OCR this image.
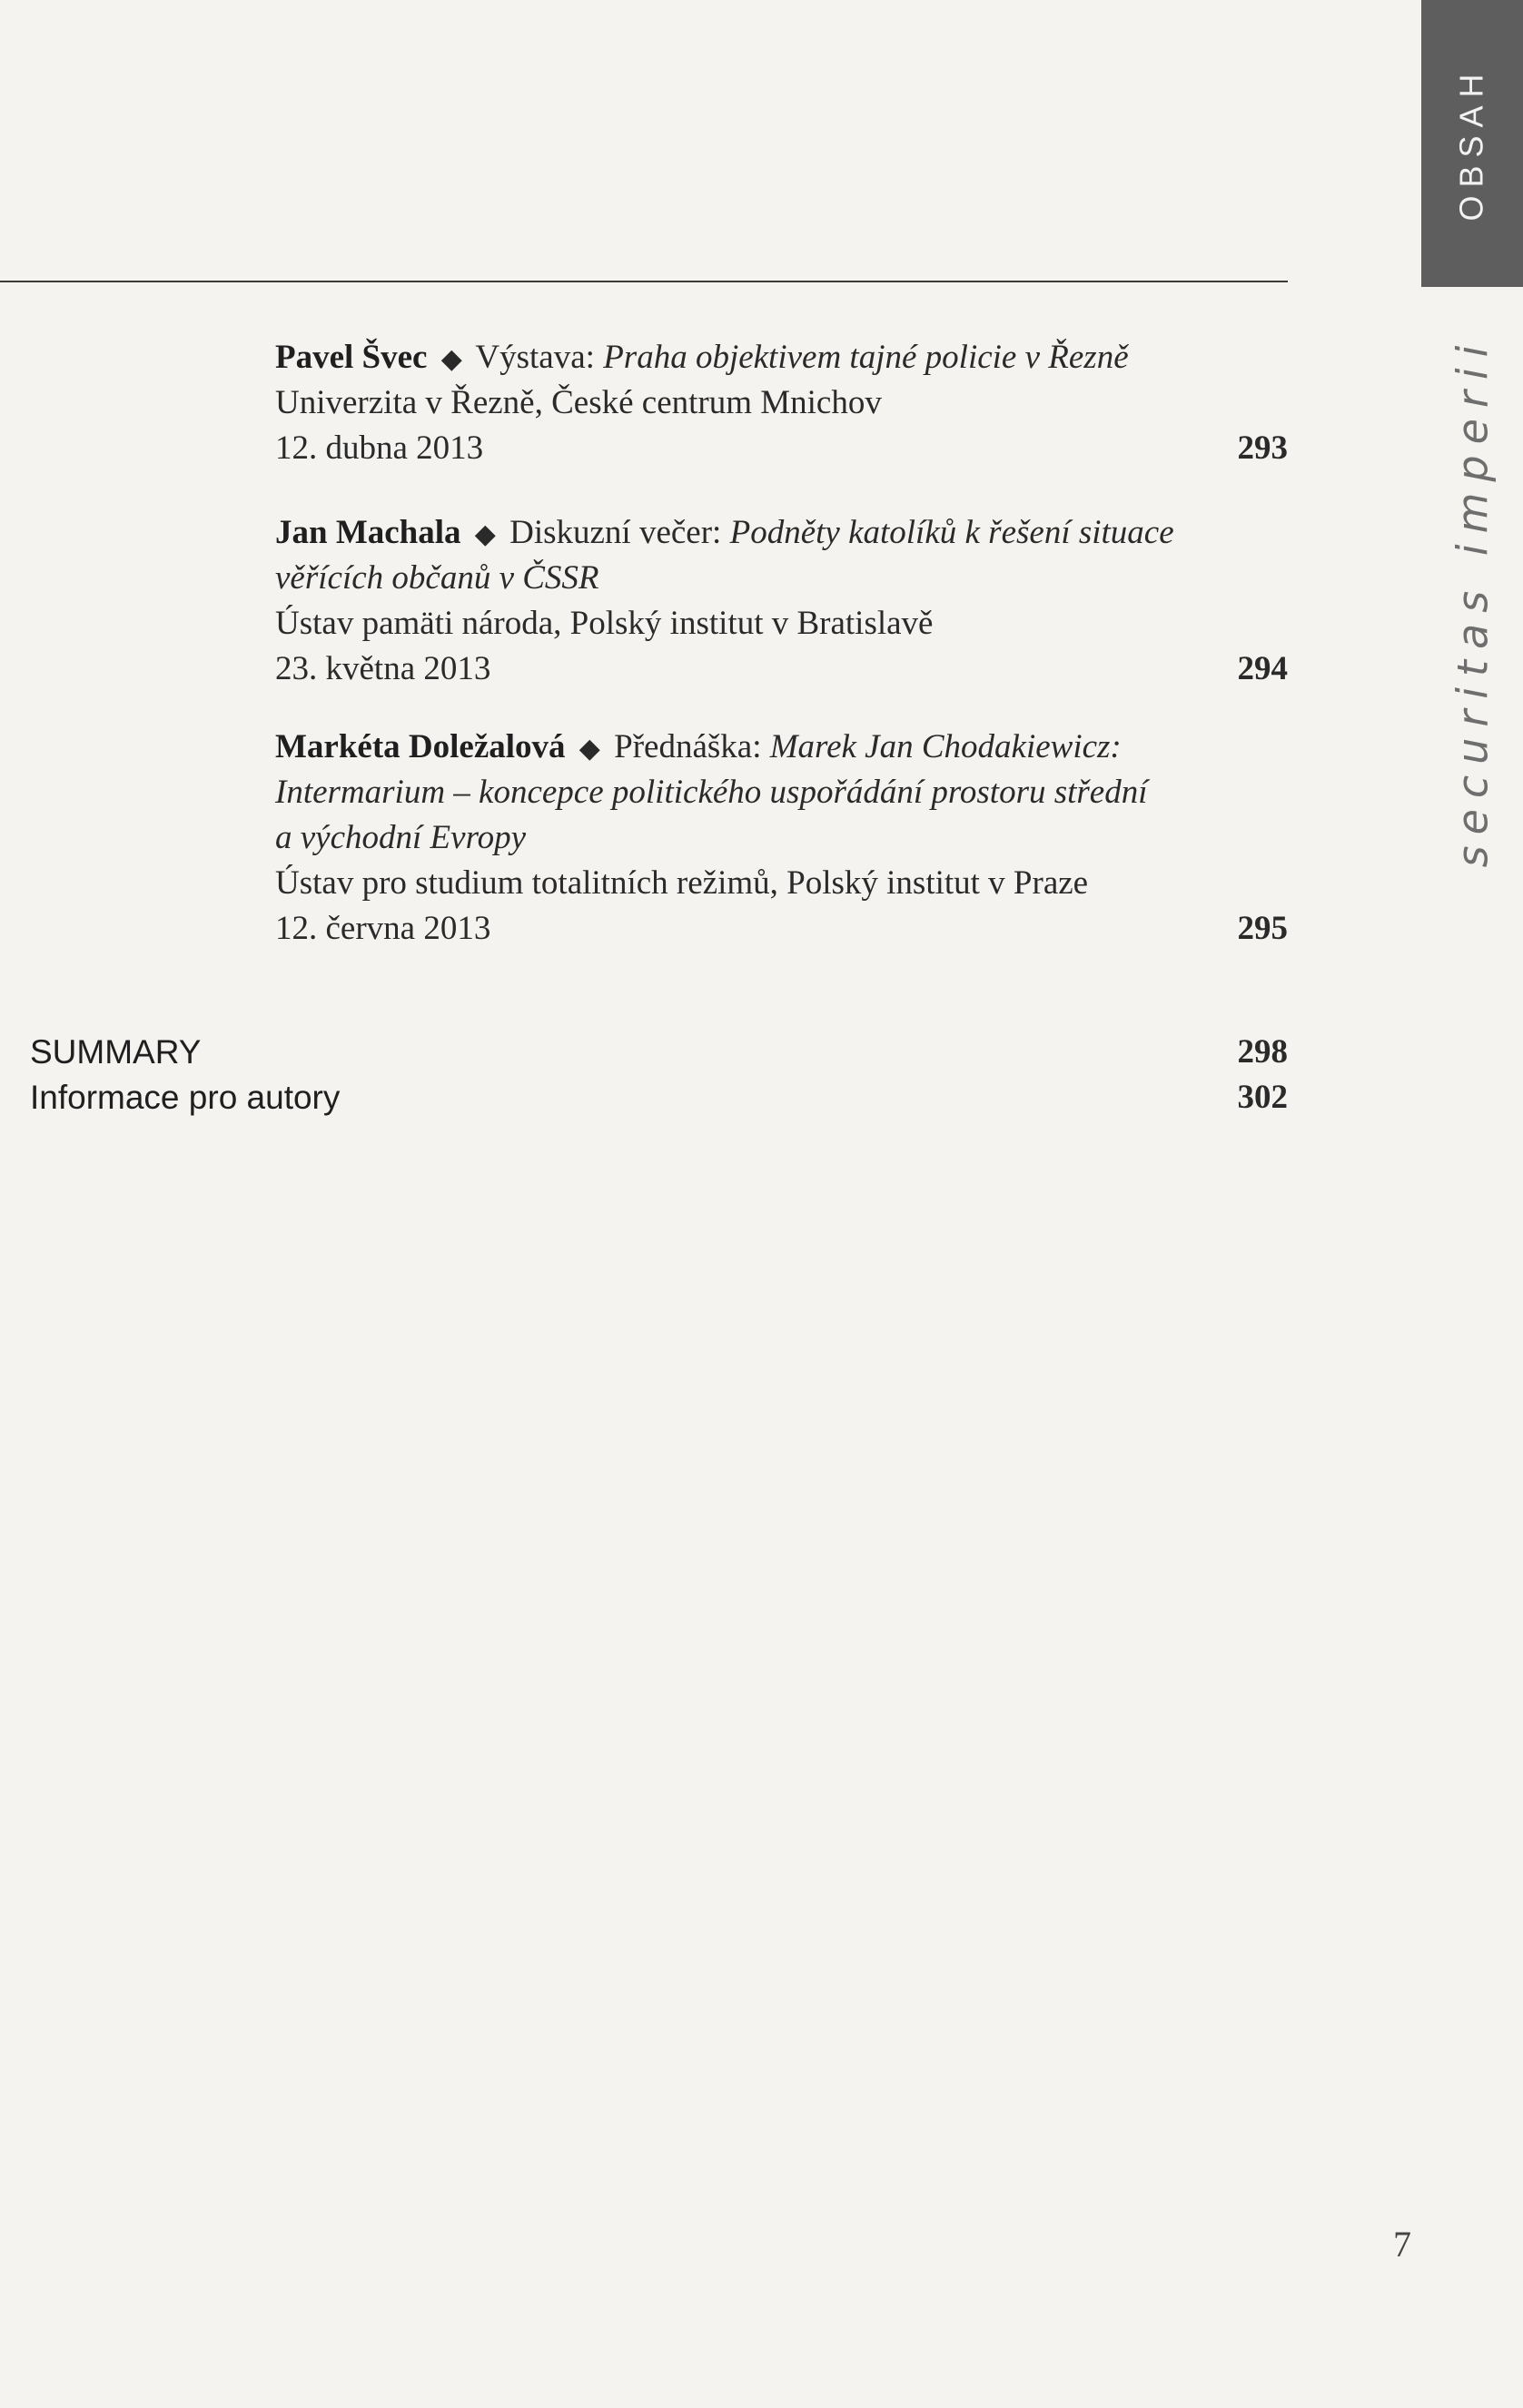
OBSAH
securitas imperii
Pavel Švec ◆ Výstava: Praha objektivem tajné policie v Řezně
Univerzita v Řezně, České centrum Mnichov
12. dubna 2013	293
Jan Machala ◆ Diskuzní večer: Podněty katolíků k řešení situace
věřících občanů v ČSSR
Ústav pamäti národa, Polský institut v Bratislavě
23. května 2013	294
Markéta Doležalová ◆ Přednáška: Marek Jan Chodakiewicz:
Intermarium – koncepce politického uspořádání prostoru střední
a východní Evropy
Ústav pro studium totalitních režimů, Polský institut v Praze
12. června 2013	295
SUMMARY	298
Informace pro autory	302
7
